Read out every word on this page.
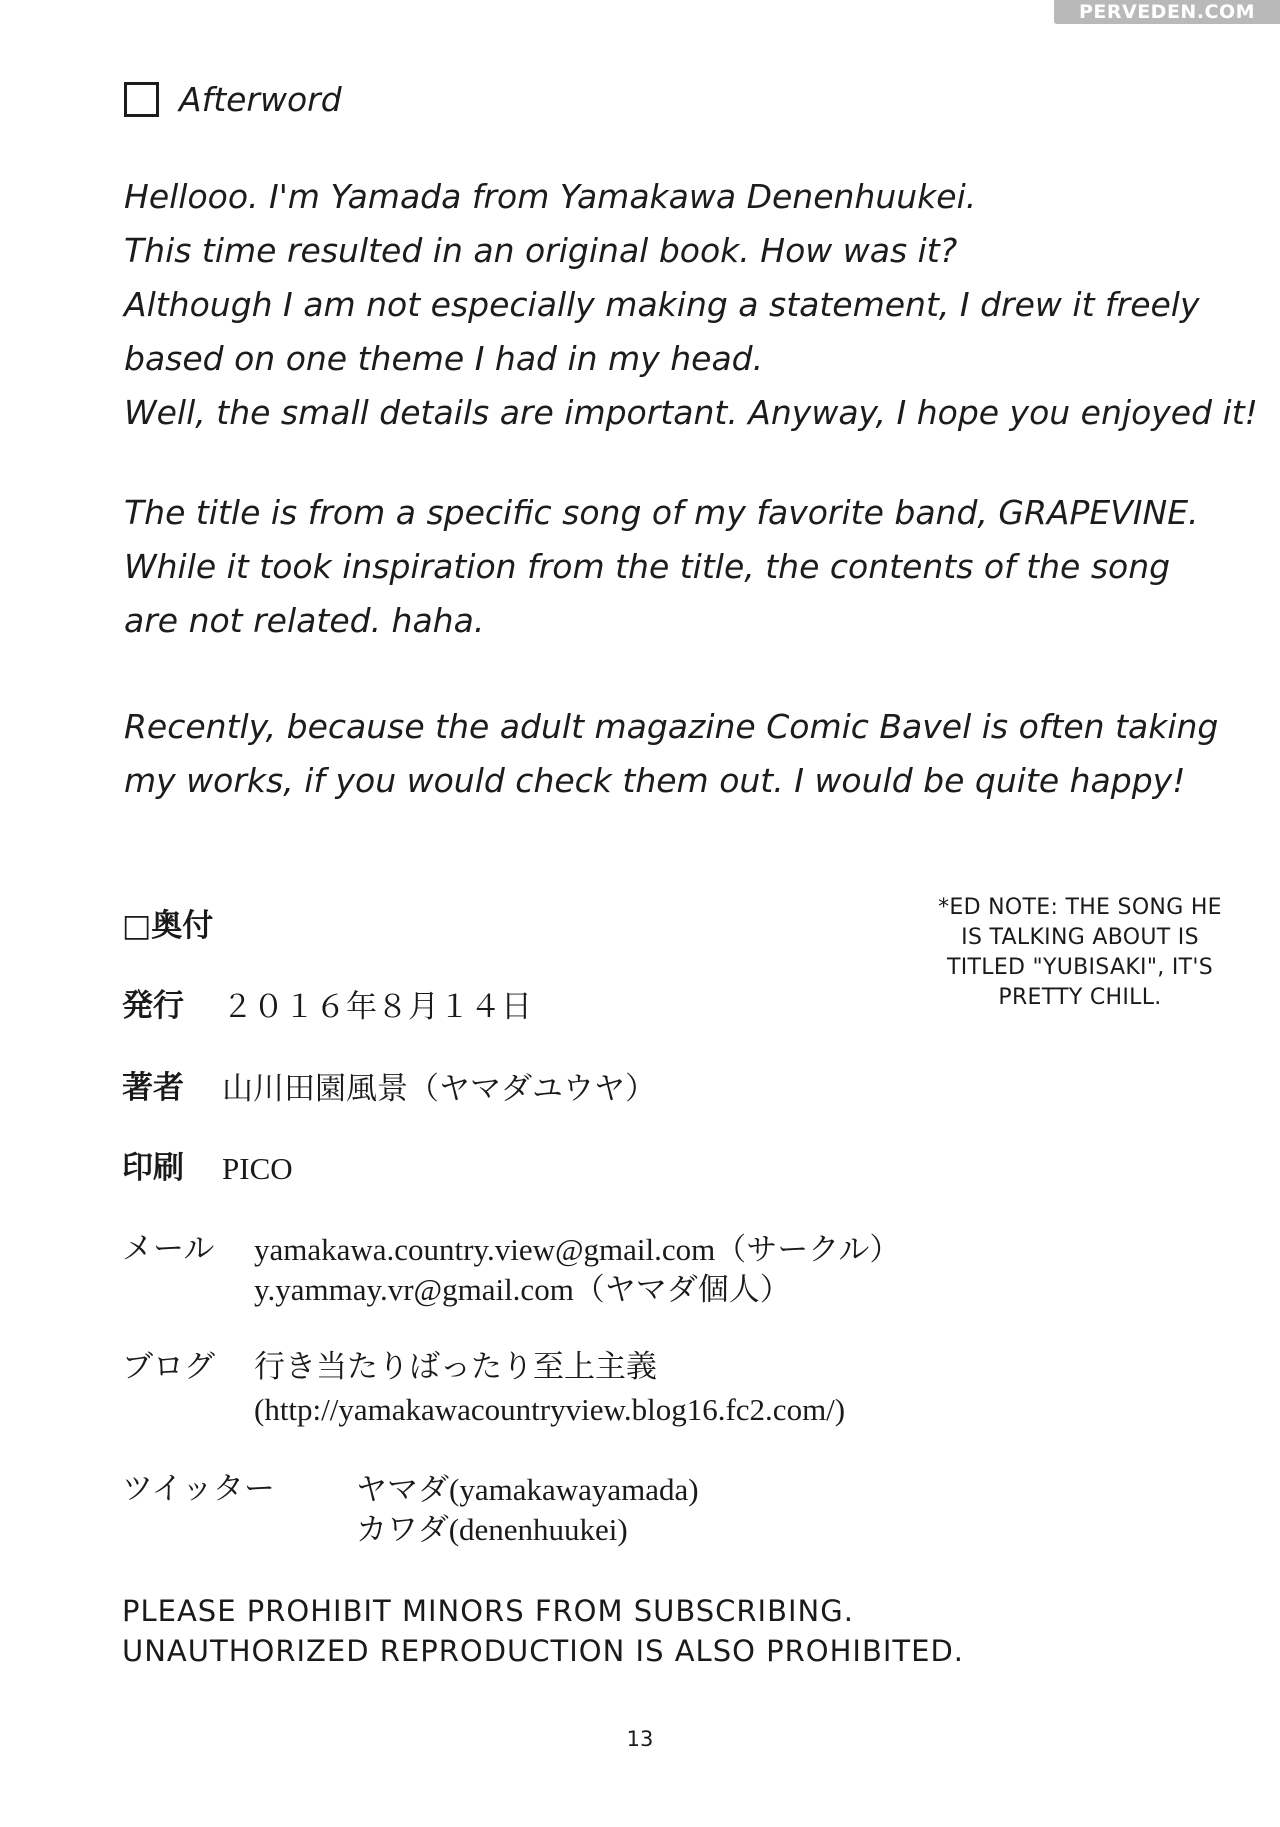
PERVEDEN.COM
Afterword
Hellooo. I'm Yamada from Yamakawa Denenhuukei.
This time resulted in an original book. How was it?
Although I am not especially making a statement, I drew it freely
based on one theme I had in my head.
Well, the small details are important. Anyway, I hope you enjoyed it!
The title is from a specific song of my favorite band, GRAPEVINE.
While it took inspiration from the title, the contents of the song
are not related. haha.
Recently, because the adult magazine Comic Bavel is often taking
my works, if you would check them out. I would be quite happy!
*ED NOTE: THE SONG HE
IS TALKING ABOUT IS
TITLED "YUBISAKI", IT'S
PRETTY CHILL.
□奥付
発行 ２０１６年８月１４日
著者 山川田園風景（ヤマダユウヤ）
印刷 PICO
メール yamakawa.country.view@gmail.com（サークル）
y.yammay.vr@gmail.com（ヤマダ個人）
ブログ 行き当たりばったり至上主義
(http://yamakawacountryview.blog16.fc2.com/)
ツイッター	ヤマダ(yamakawayamada)
カワダ(denenhuukei)
PLEASE PROHIBIT MINORS FROM SUBSCRIBING.
UNAUTHORIZED REPRODUCTION IS ALSO PROHIBITED.
13
